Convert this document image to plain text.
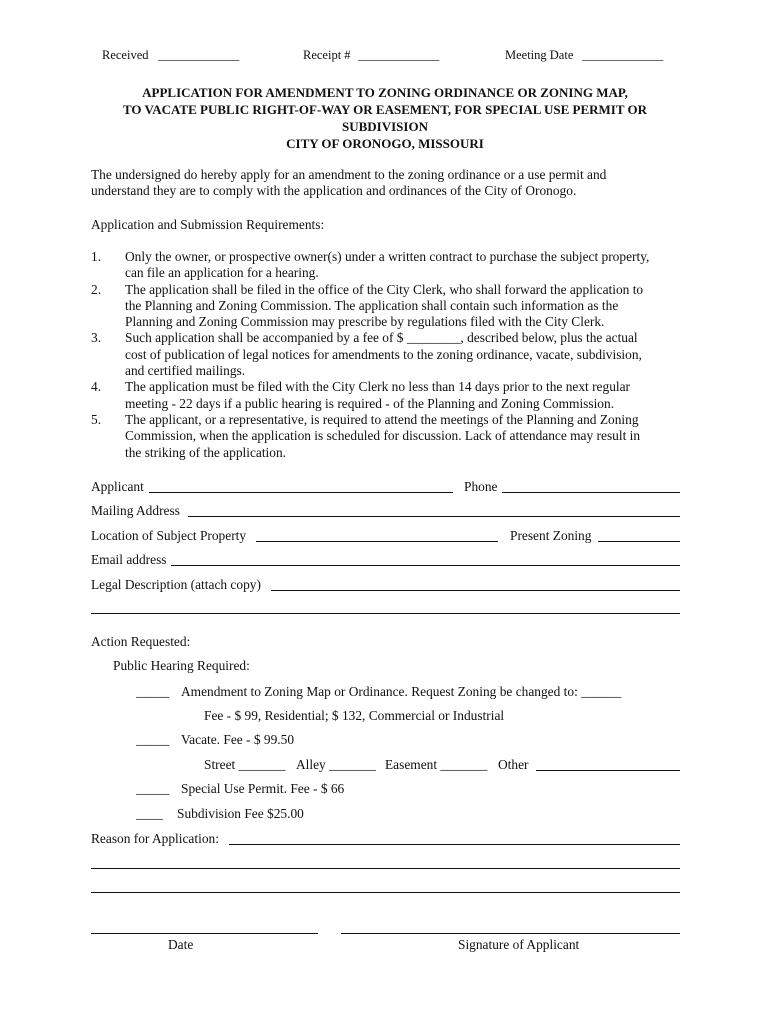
Received _____________	Receipt # _____________	Meeting Date _____________
APPLICATION FOR AMENDMENT TO ZONING ORDINANCE OR ZONING MAP,
TO VACATE PUBLIC RIGHT-OF-WAY OR EASEMENT, FOR SPECIAL USE PERMIT OR
SUBDIVISION
CITY OF ORONOGO, MISSOURI
The undersigned do hereby apply for an amendment to the zoning ordinance or a use permit and
understand they are to comply with the application and ordinances of the City of Oronogo.
Application and Submission Requirements:
1. Only the owner, or prospective owner(s) under a written contract to purchase the subject property,
can file an application for a hearing.
2. The application shall be filed in the office of the City Clerk, who shall forward the application to
the Planning and Zoning Commission. The application shall contain such information as the
Planning and Zoning Commission may prescribe by regulations filed with the City Clerk.
3. Such application shall be accompanied by a fee of $ ________, described below, plus the actual
cost of publication of legal notices for amendments to the zoning ordinance, vacate, subdivision,
and certified mailings.
4. The application must be filed with the City Clerk no less than 14 days prior to the next regular
meeting - 22 days if a public hearing is required - of the Planning and Zoning Commission.
5. The applicant, or a representative, is required to attend the meetings of the Planning and Zoning
Commission, when the application is scheduled for discussion. Lack of attendance may result in
the striking of the application.
Applicant	Phone
Mailing Address
Location of Subject Property	Present Zoning
Email address
Legal Description (attach copy)
Action Requested:
Public Hearing Required:
_____ Amendment to Zoning Map or Ordinance. Request Zoning be changed to: ______
Fee - $ 99, Residential; $ 132, Commercial or Industrial
_____ Vacate. Fee - $ 99.50
Street _______ Alley _______ Easement _______ Other
_____ Special Use Permit. Fee - $ 66
____ Subdivision Fee $25.00
Reason for Application:
Date	Signature of Applicant
